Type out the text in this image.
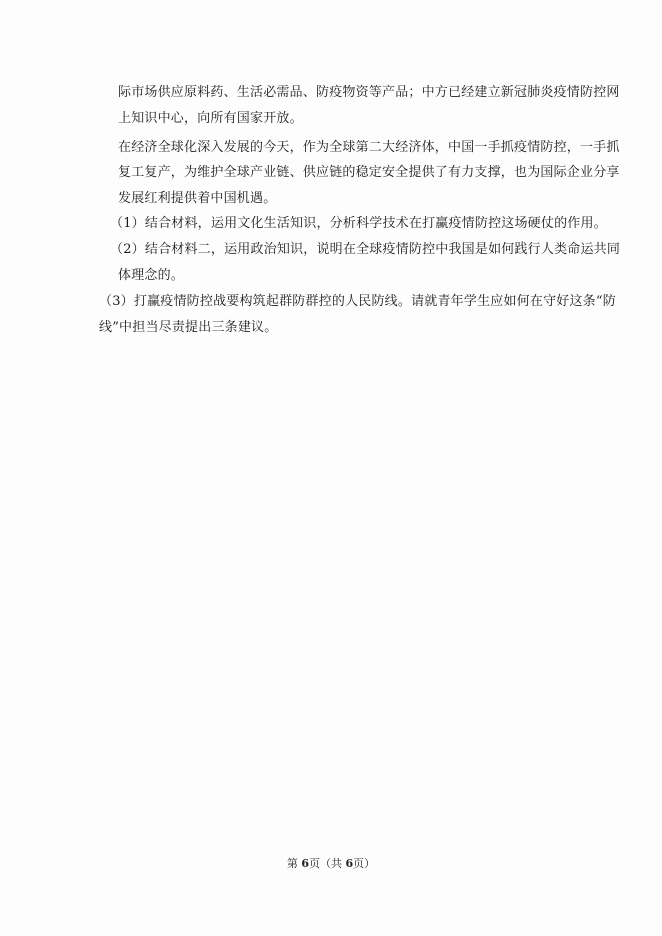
际市场供应原料药、生活必需品、防疫物资等产品；中方已经建立新冠肺炎疫情防控网
上知识中心，向所有国家开放。
在经济全球化深入发展的今天，作为全球第二大经济体，中国一手抓疫情防控，一手抓
复工复产，为维护全球产业链、供应链的稳定安全提供了有力支撑，也为国际企业分享
发展红利提供着中国机遇。
（1）结合材料，运用文化生活知识，分析科学技术在打赢疫情防控这场硬仗的作用。
（2）结合材料二，运用政治知识，说明在全球疫情防控中我国是如何践行人类命运共同
体理念的。
（3）打赢疫情防控战要构筑起群防群控的人民防线。请就青年学生应如何在守好这条“防
线”中担当尽责提出三条建议。
第 6页（共 6页）
